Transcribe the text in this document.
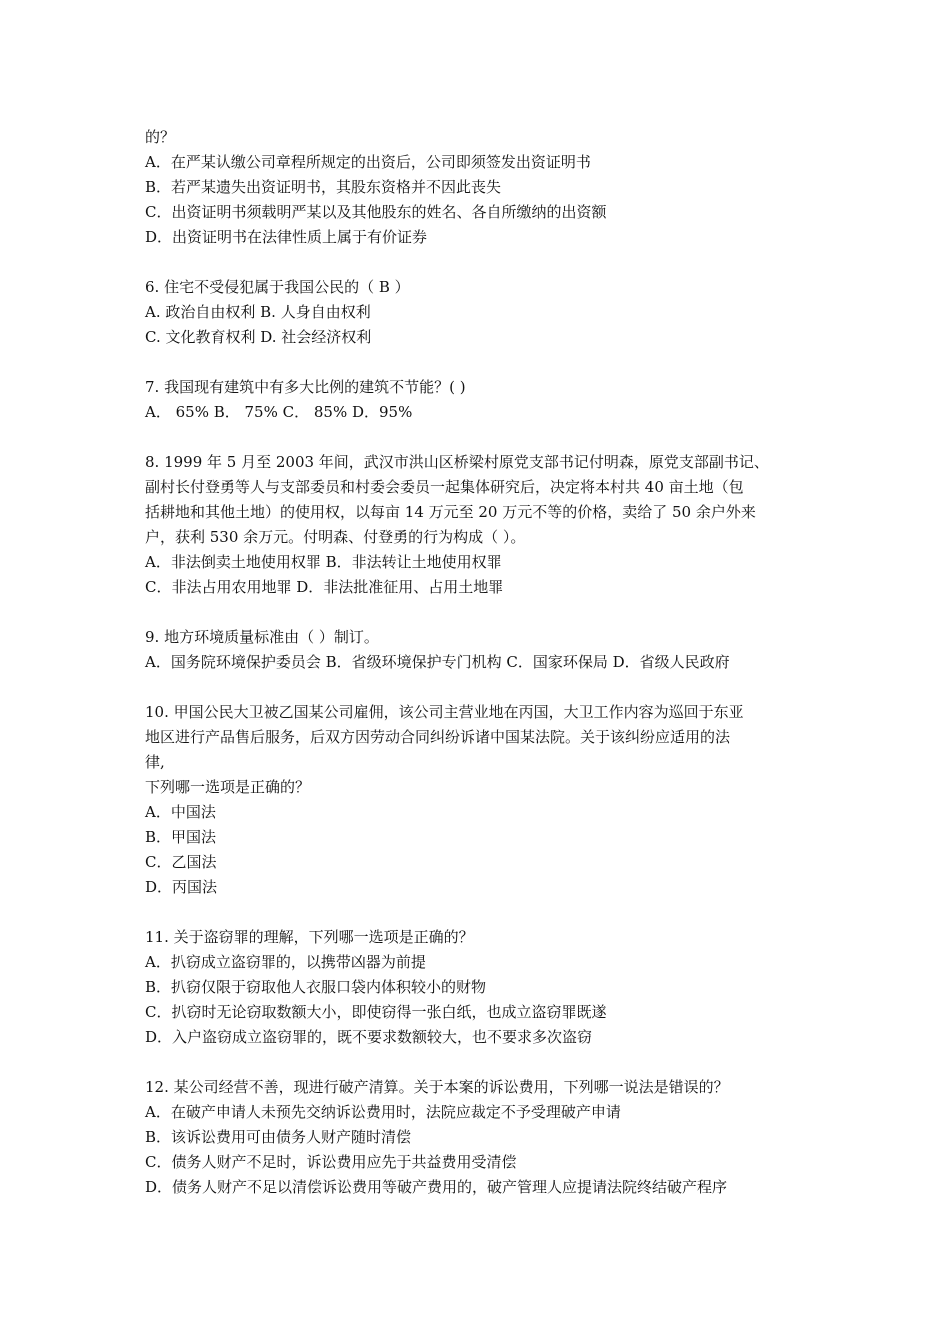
的？

A．在严某认缴公司章程所规定的出资后，公司即须签发出资证明书

B．若严某遗失出资证明书，其股东资格并不因此丧失

C．出资证明书须载明严某以及其他股东的姓名、各自所缴纳的出资额

D．出资证明书在法律性质上属于有价证券

6. 住宅不受侵犯属于我国公民的（ B ）

A. 政治自由权利 B. 人身自由权利

C. 文化教育权利 D. 社会经济权利

7. 我国现有建筑中有多大比例的建筑不节能？( )

A． 65% B． 75% C． 85% D．95%

8. 1999 年 5 月至 2003 年间，武汉市洪山区桥梁村原党支部书记付明森，原党支部副书记、

副村长付登勇等人与支部委员和村委会委员一起集体研究后，决定将本村共 40 亩土地（包

括耕地和其他土地）的使用权，以每亩 14 万元至 20 万元不等的价格，卖给了 50 余户外来

户，获利 530 余万元。付明森、付登勇的行为构成（ ）。

A．非法倒卖土地使用权罪 B．非法转让土地使用权罪

C．非法占用农用地罪 D．非法批准征用、占用土地罪

9. 地方环境质量标准由（ ）制订。

A．国务院环境保护委员会 B．省级环境保护专门机构 C．国家环保局 D．省级人民政府

10. 甲国公民大卫被乙国某公司雇佣，该公司主营业地在丙国，大卫工作内容为巡回于东亚

地区进行产品售后服务，后双方因劳动合同纠纷诉诸中国某法院。关于该纠纷应适用的法

律,

下列哪一选项是正确的？

A．中国法

B．甲国法

C．乙国法

D．丙国法

11. 关于盗窃罪的理解，下列哪一选项是正确的？

A．扒窃成立盗窃罪的，以携带凶器为前提

B．扒窃仅限于窃取他人衣服口袋内体积较小的财物

C．扒窃时无论窃取数额大小，即使窃得一张白纸，也成立盗窃罪既遂

D．入户盗窃成立盗窃罪的，既不要求数额较大，也不要求多次盗窃

12. 某公司经营不善，现进行破产清算。关于本案的诉讼费用，下列哪一说法是错误的？

A．在破产申请人未预先交纳诉讼费用时，法院应裁定不予受理破产申请

B．该诉讼费用可由债务人财产随时清偿

C．债务人财产不足时，诉讼费用应先于共益费用受清偿

D．债务人财产不足以清偿诉讼费用等破产费用的，破产管理人应提请法院终结破产程序
